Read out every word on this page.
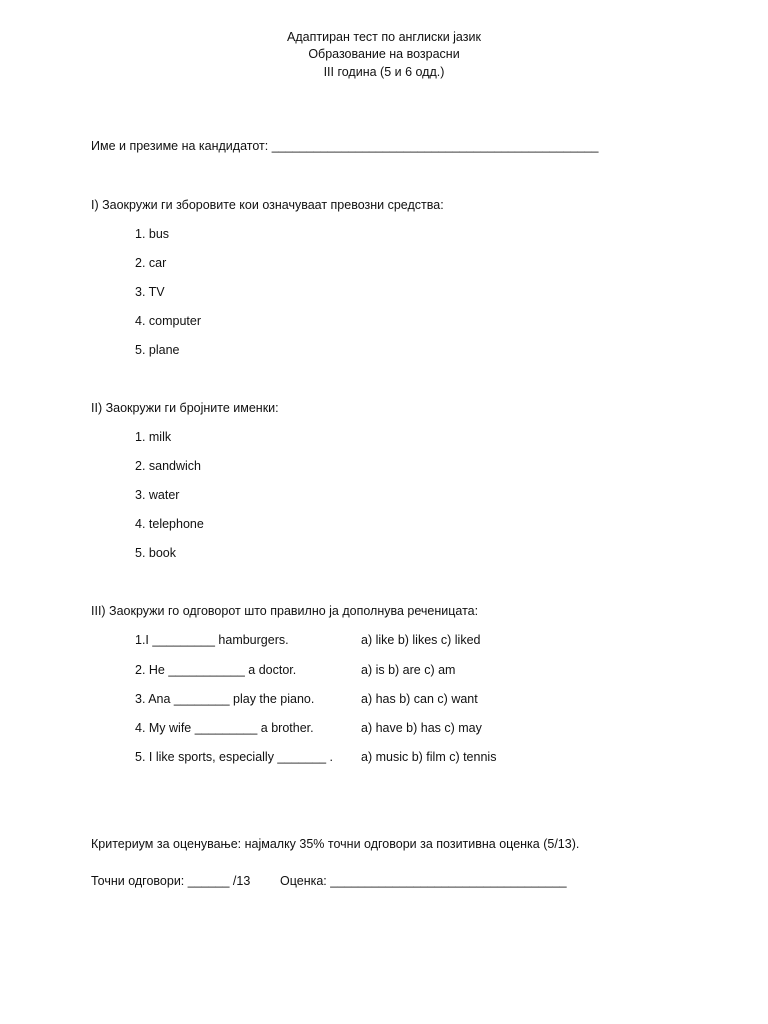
Адаптиран тест по англиски јазик
Образование на возрасни
III година (5 и 6 одд.)
Име и презиме на кандидатот: _______________________________________________
I) Заокружи ги зборовите кои означуваат превозни средства:
1. bus
2. car
3. TV
4. computer
5. plane
II) Заокружи ги бројните именки:
1. milk
2. sandwich
3. water
4. telephone
5. book
III) Заокружи го одговорот што правилно ја дополнува реченицата:
1.I _________ hamburgers.	a) like b) likes c) liked
2. He ___________ a doctor.	a) is b) are c) am
3. Ana ________ play the piano.	a) has b) can c) want
4. My wife _________ a brother.	a) have b) has c) may
5. I like sports, especially _______ . a) music b) film c) tennis
Критериум за оценување: најмалку 35% точни одговори за позитивна оценка (5/13).
Точни одговори: ______ /13 Оценка: __________________________________
